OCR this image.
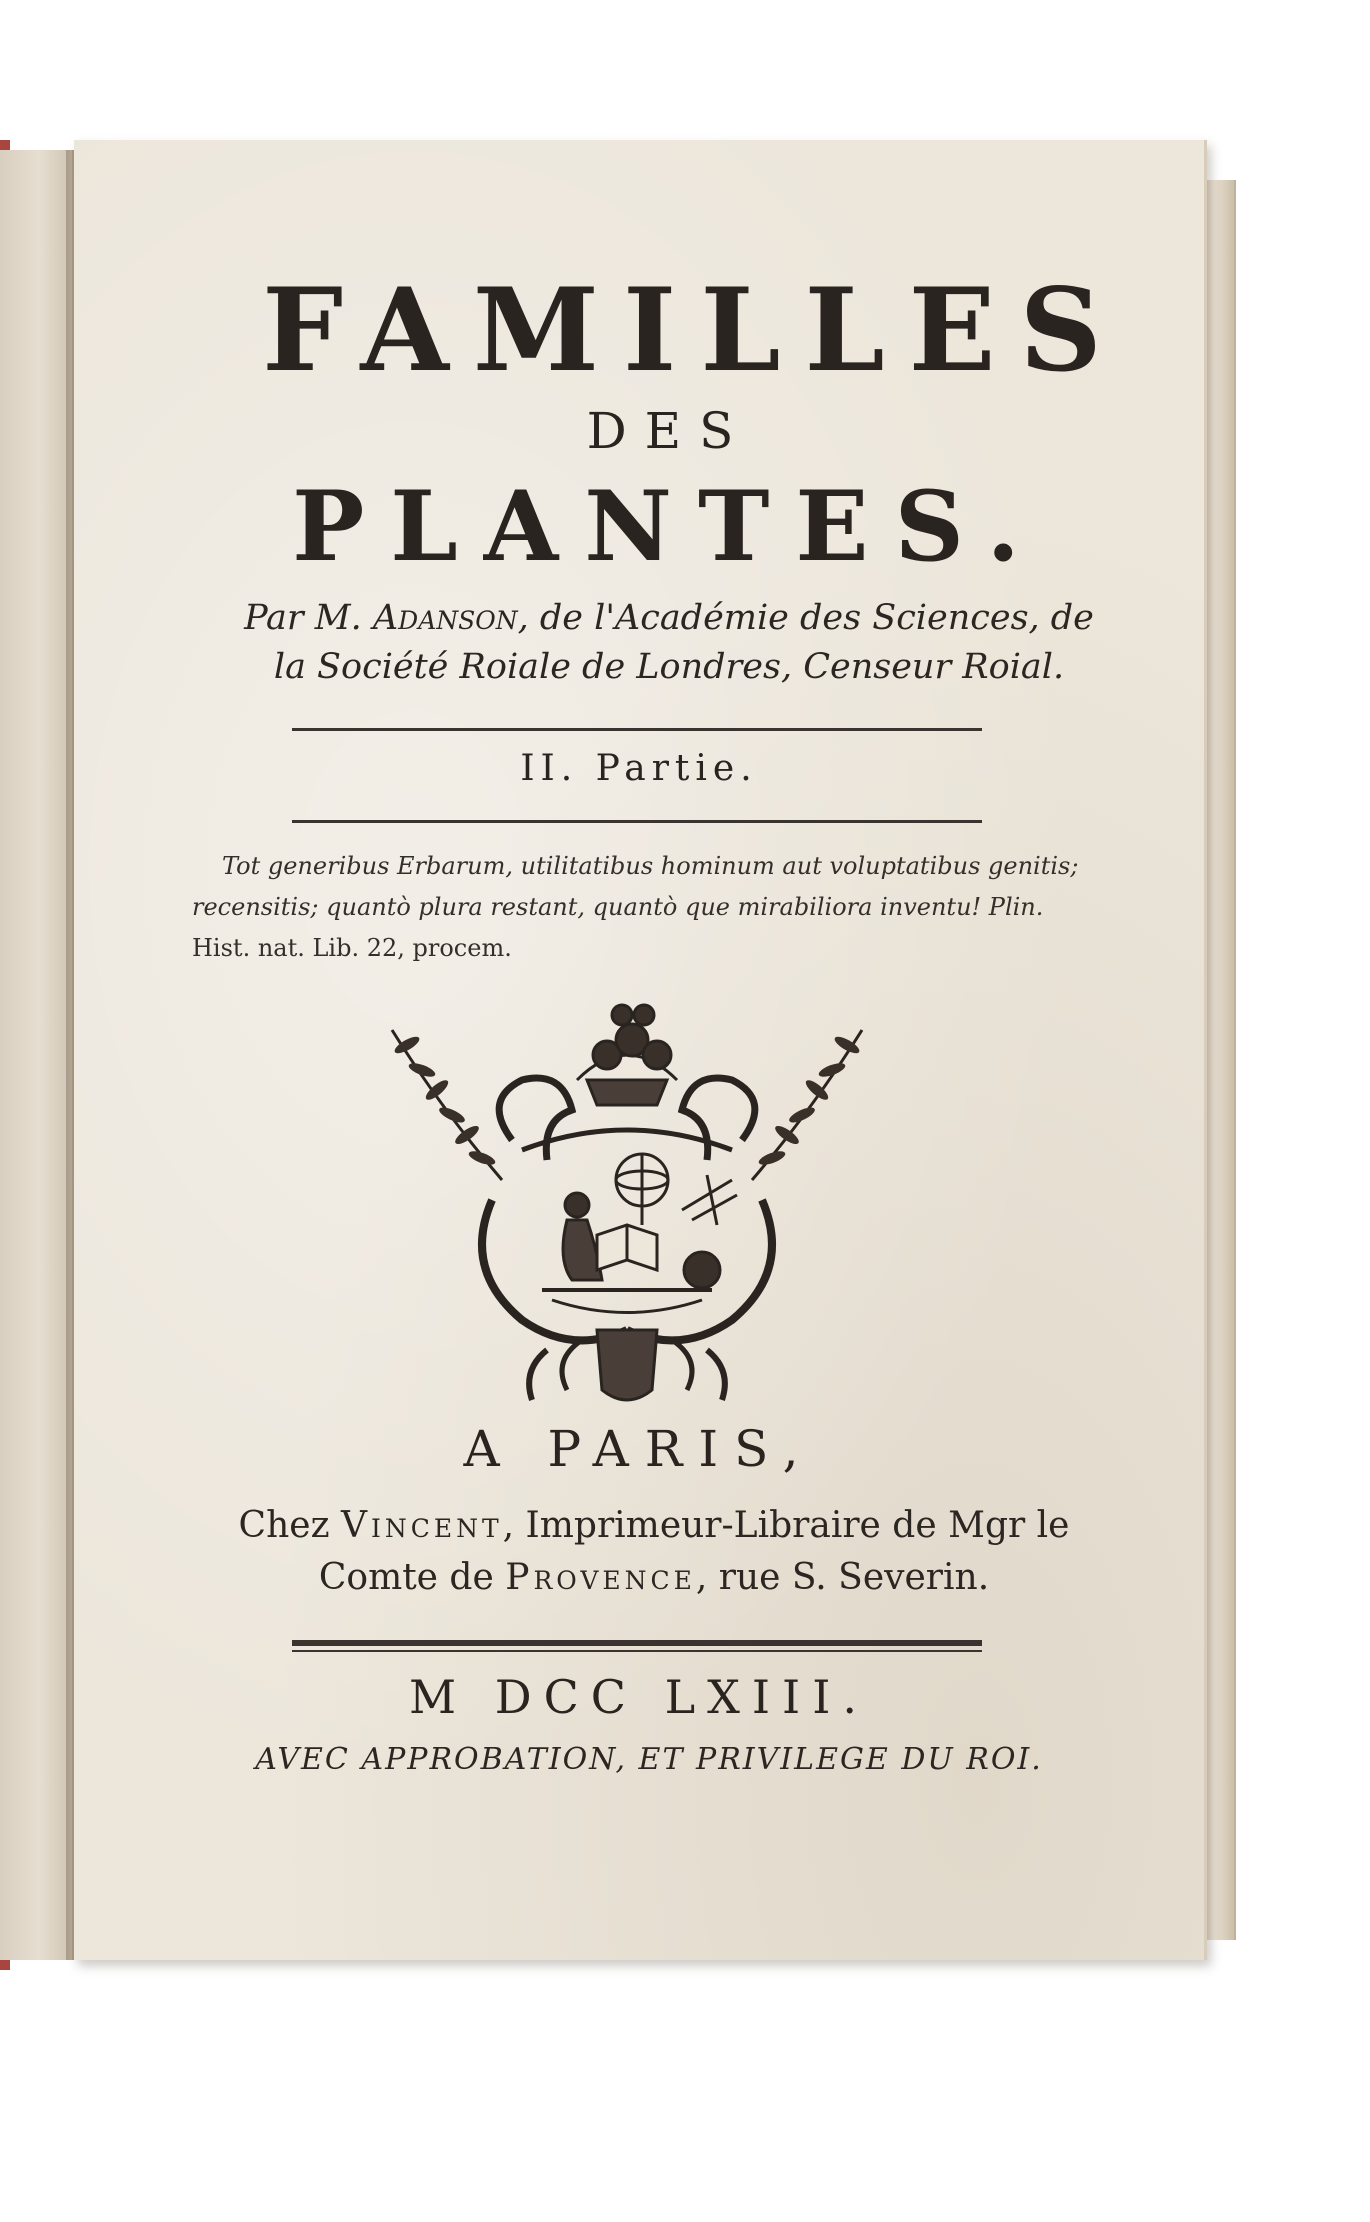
FAMILLES
DES
PLANTES.
Par M. Adanson, de l'Académie des Sciences, de
la Société Roiale de Londres, Censeur Roial.
II. Partie.
Tot generibus Erbarum, utilitatibus hominum aut voluptatibus genitis;
recensitis; quantò plura restant, quantò que mirabiliora inventu! Plin.
Hist. nat. Lib. 22, procem.
A PARIS,
Chez Vincent, Imprimeur-Libraire de Mgr le
Comte de Provence, rue S. Severin.
M DCC LXIII.
AVEC APPROBATION, ET PRIVILEGE DU ROI.
